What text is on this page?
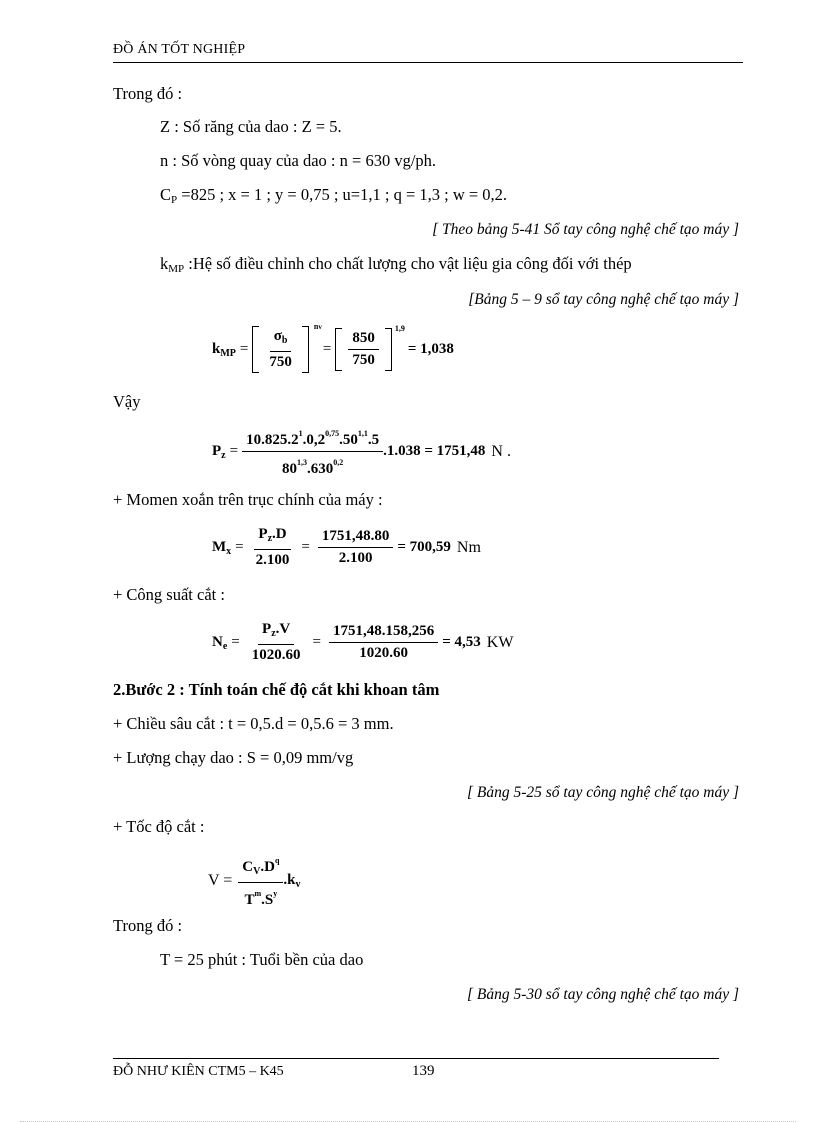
ĐỒ ÁN TỐT NGHIỆP
Trong đó :
Z : Số răng của dao : Z = 5.
n : Số vòng quay của dao : n = 630 vg/ph.
CP =825 ; x = 1 ; y = 0,75 ; u=1,1 ; q = 1,3 ; w = 0,2.
[ Theo bảng 5-41 Sổ tay công nghệ chế tạo máy ]
kMP :Hệ số điều chỉnh cho chất lượng cho vật liệu gia công đối với thép
[Bảng 5 – 9 sổ tay công nghệ chế tạo máy ]
$k_{MP} = \frac{\sigma_b}{750}$
nv
= $\frac{850}{750}$
1,9
= 1,038
Vậy
$P_z = \frac{10.825.2^1.0,2^{0,75}.50^{1,1}.5}{80^{1,3}.630^{0,2}} .1.038 = 1751,48$ N .
+ Momen xoắn trên trục chính của máy :
$M_x = \frac{P_z.D}{2.100} = \frac{1751,48.80}{2.100} = 700,59$ Nm
+ Công suất cắt :
$N_e = \frac{P_z.V}{1020.60} = \frac{1751,48.158,256}{1020.60} = 4,53$ KW
2.Bước 2 : Tính toán chế độ cắt khi khoan tâm
+ Chiều sâu cắt : t = 0,5.d = 0,5.6 = 3 mm.
+ Lượng chạy dao : S = 0,09 mm/vg
[ Bảng 5-25 sổ tay công nghệ chế tạo máy ]
+ Tốc độ cắt :
$V = \frac{C_V.D^q}{T^m.S^y} .k_v$
Trong đó :
T = 25 phút : Tuổi bền của dao
[ Bảng 5-30 sổ tay công nghệ chế tạo máy ]
ĐỖ NHƯ KIÊN CTM5 – K45	139
